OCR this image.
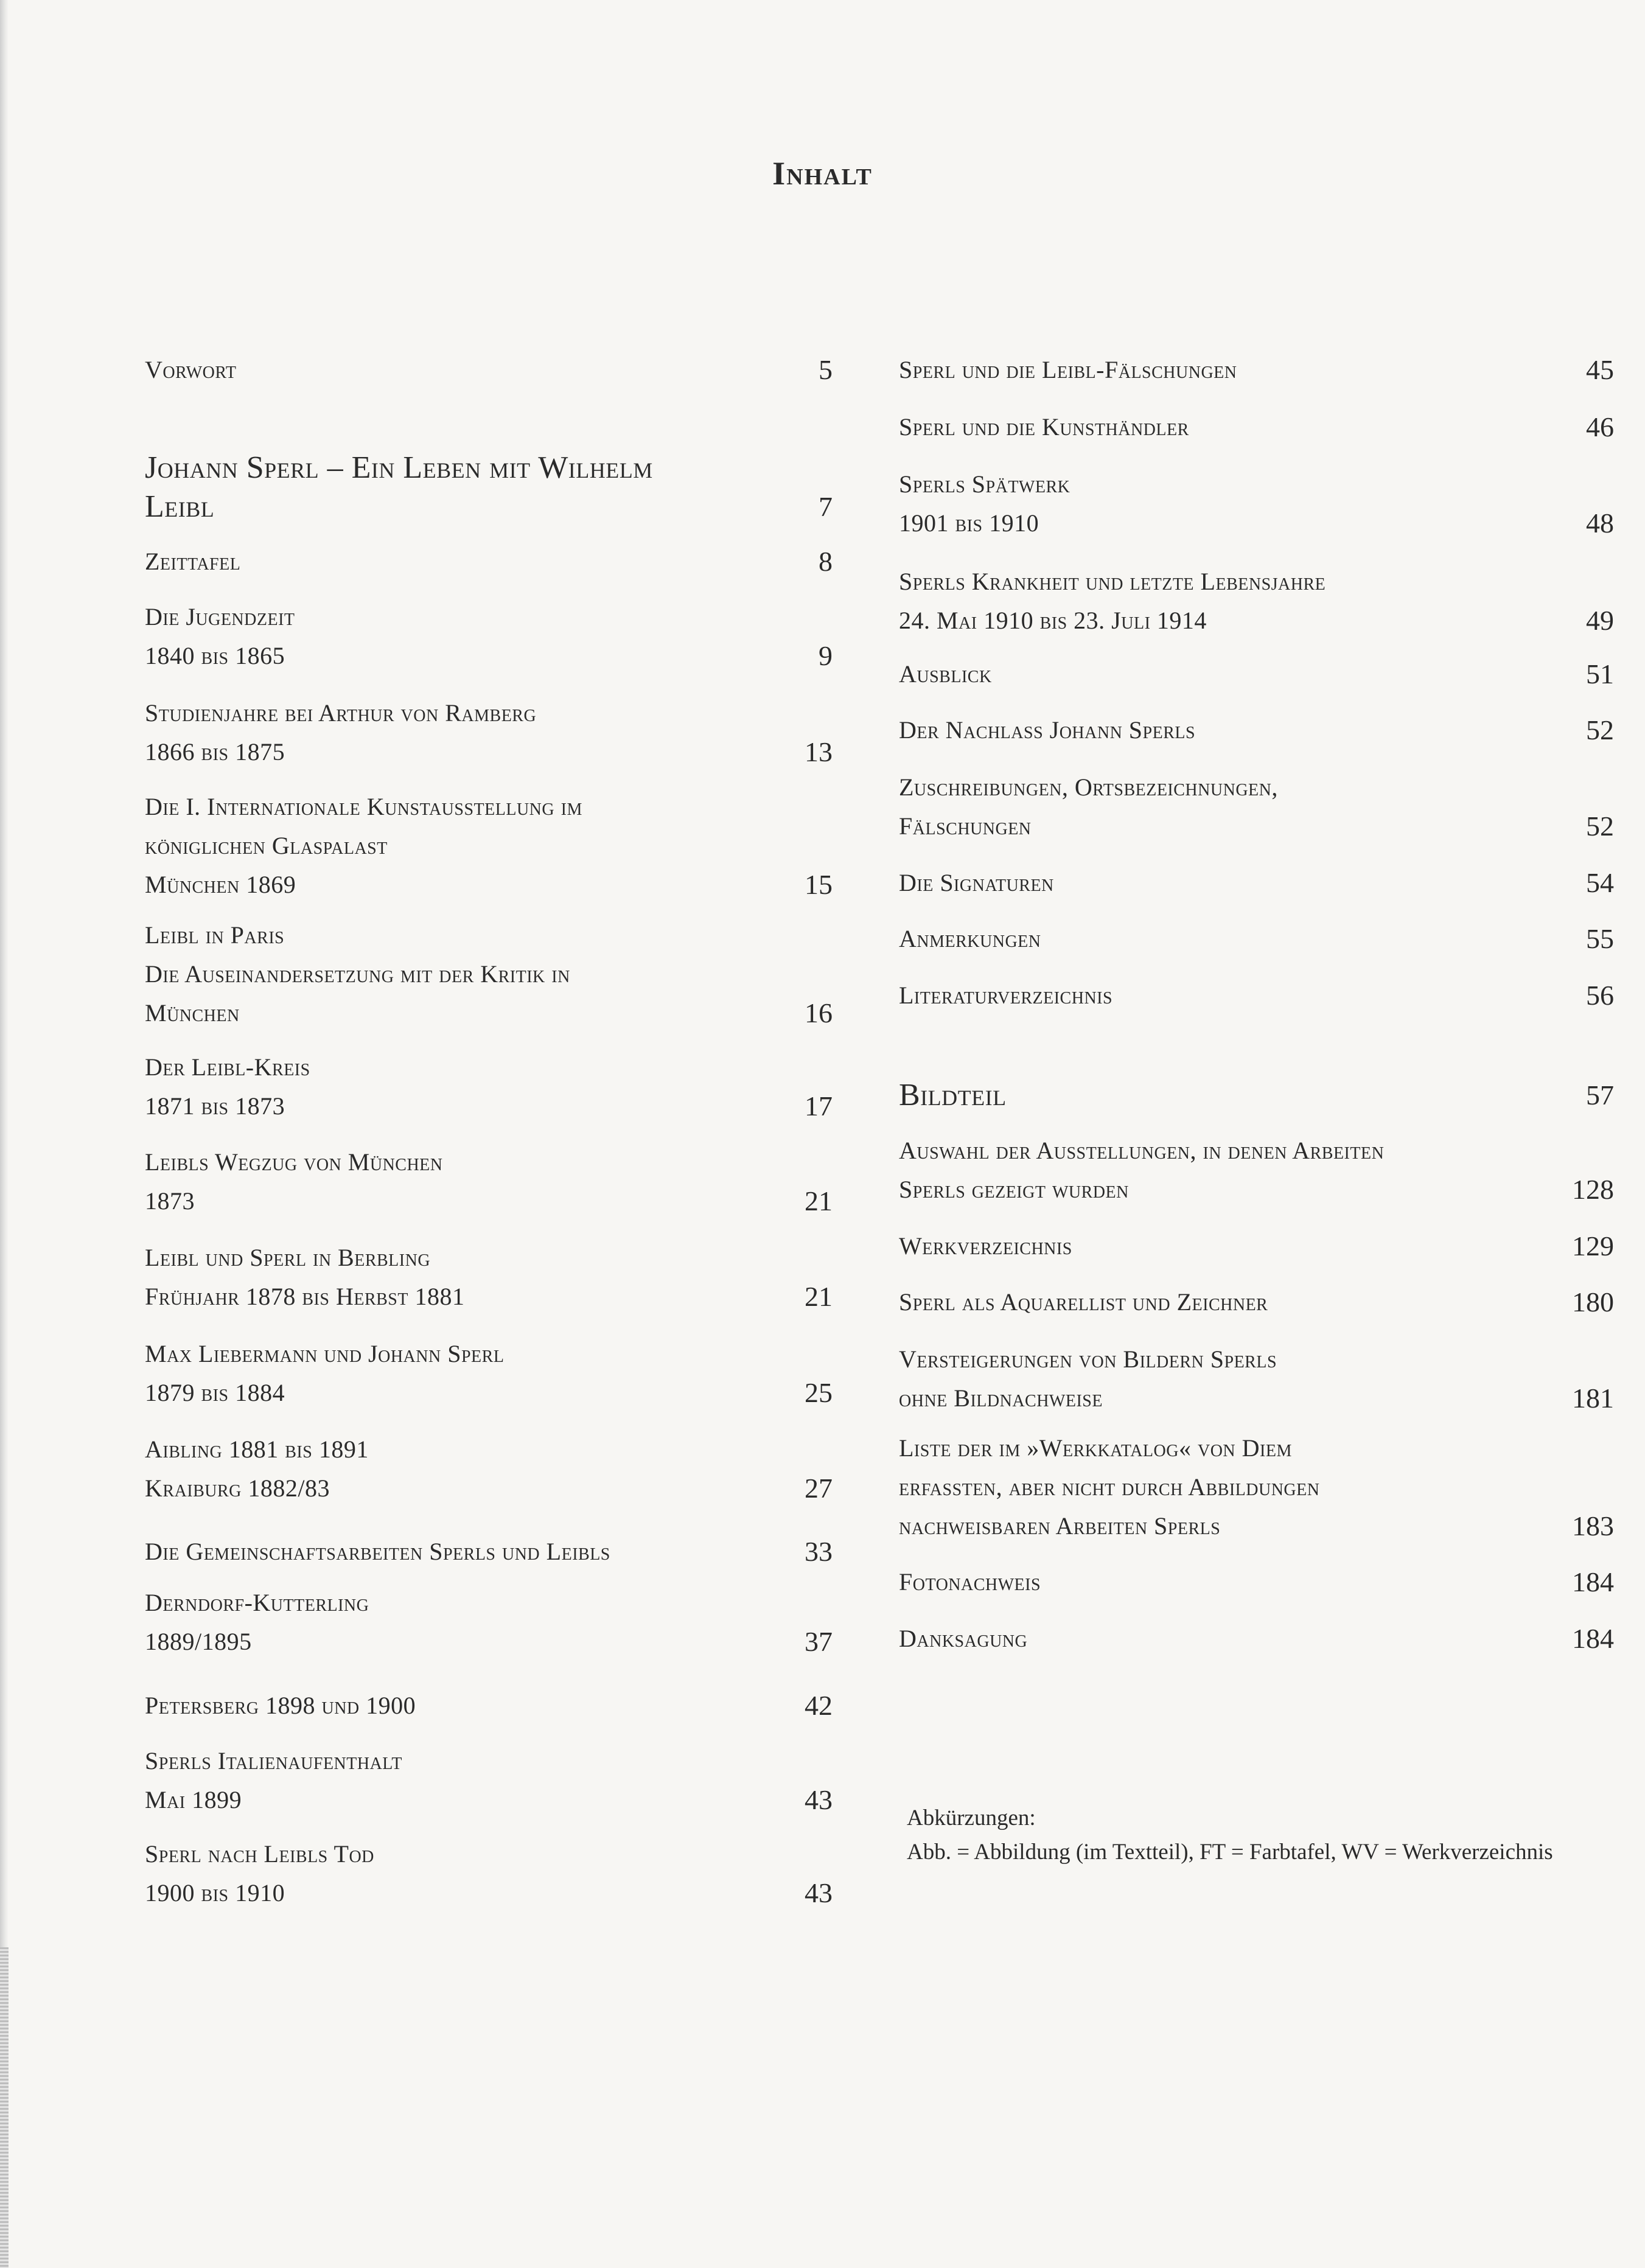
Inhalt
Vorwort	5
Johann Sperl – Ein Leben mit Wilhelm
Leibl	7
Zeittafel	8
Die Jugendzeit
1840 bis 1865	9
Studienjahre bei Arthur von Ramberg
1866 bis 1875	13
Die I. Internationale Kunstausstellung im
königlichen Glaspalast
München 1869	15
Leibl in Paris
Die Auseinandersetzung mit der Kritik in
München	16
Der Leibl-Kreis
1871 bis 1873	17
Leibls Wegzug von München
1873	21
Leibl und Sperl in Berbling
Frühjahr 1878 bis Herbst 1881	21
Max Liebermann und Johann Sperl
1879 bis 1884	25
Aibling 1881 bis 1891
Kraiburg 1882/83	27
Die Gemeinschaftsarbeiten Sperls und Leibls	33
Derndorf-Kutterling
1889/1895	37
Petersberg 1898 und 1900	42
Sperls Italienaufenthalt
Mai 1899	43
Sperl nach Leibls Tod
1900 bis 1910	43
Sperl und die Leibl-Fälschungen	45
Sperl und die Kunsthändler	46
Sperls Spätwerk
1901 bis 1910	48
Sperls Krankheit und letzte Lebensjahre
24. Mai 1910 bis 23. Juli 1914	49
Ausblick	51
Der Nachlass Johann Sperls	52
Zuschreibungen, Ortsbezeichnungen,
Fälschungen	52
Die Signaturen	54
Anmerkungen	55
Literaturverzeichnis	56
Bildteil	57
Auswahl der Ausstellungen, in denen Arbeiten
Sperls gezeigt wurden	128
Werkverzeichnis	129
Sperl als Aquarellist und Zeichner	180
Versteigerungen von Bildern Sperls
ohne Bildnachweise	181
Liste der im »Werkkatalog« von Diem
erfassten, aber nicht durch Abbildungen
nachweisbaren Arbeiten Sperls	183
Fotonachweis	184
Danksagung	184
Abkürzungen:
Abb. = Abbildung (im Textteil), FT = Farbtafel, WV = Werkverzeichnis
